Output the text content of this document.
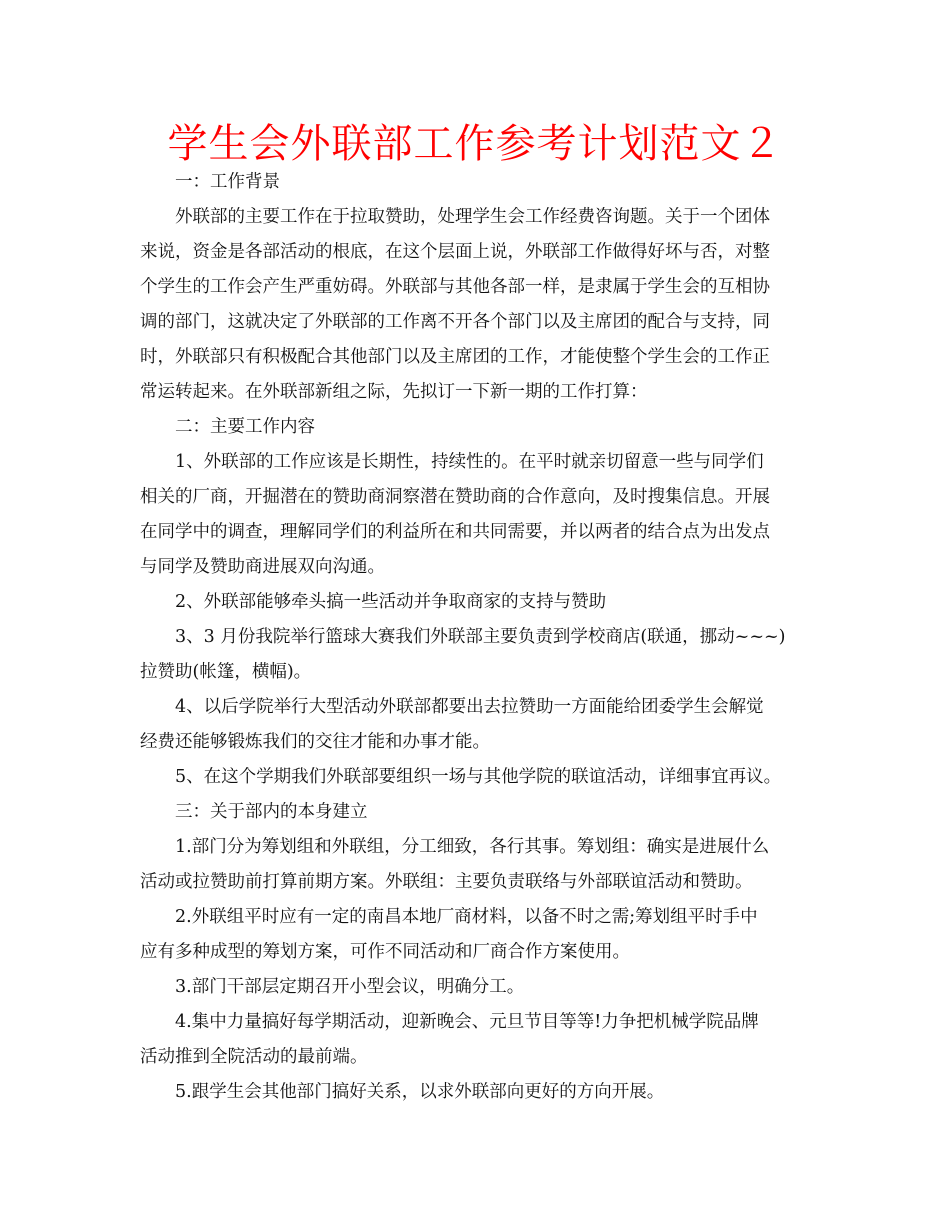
学生会外联部工作参考计划范文２
一：工作背景
外联部的主要工作在于拉取赞助，处理学生会工作经费咨询题。关于一个团体
来说，资金是各部活动的根底，在这个层面上说，外联部工作做得好坏与否，对整
个学生的工作会产生严重妨碍。外联部与其他各部一样，是隶属于学生会的互相协
调的部门，这就决定了外联部的工作离不开各个部门以及主席团的配合与支持，同
时，外联部只有积极配合其他部门以及主席团的工作，才能使整个学生会的工作正
常运转起来。在外联部新组之际，先拟订一下新一期的工作打算：
二：主要工作内容
1、外联部的工作应该是长期性，持续性的。在平时就亲切留意一些与同学们
相关的厂商，开掘潜在的赞助商洞察潜在赞助商的合作意向，及时搜集信息。开展
在同学中的调查，理解同学们的利益所在和共同需要，并以两者的结合点为出发点
与同学及赞助商进展双向沟通。
2、外联部能够牵头搞一些活动并争取商家的支持与赞助
3、3 月份我院举行篮球大赛我们外联部主要负责到学校商店(联通，挪动~~~)
拉赞助(帐篷，横幅)。
4、以后学院举行大型活动外联部都要出去拉赞助一方面能给团委学生会解觉
经费还能够锻炼我们的交往才能和办事才能。
5、在这个学期我们外联部要组织一场与其他学院的联谊活动，详细事宜再议。
三：关于部内的本身建立
1.部门分为筹划组和外联组，分工细致，各行其事。筹划组：确实是进展什么
活动或拉赞助前打算前期方案。外联组：主要负责联络与外部联谊活动和赞助。
2.外联组平时应有一定的南昌本地厂商材料，以备不时之需;筹划组平时手中
应有多种成型的筹划方案，可作不同活动和厂商合作方案使用。
3.部门干部层定期召开小型会议，明确分工。
4.集中力量搞好每学期活动，迎新晚会、元旦节目等等!力争把机械学院品牌
活动推到全院活动的最前端。
5.跟学生会其他部门搞好关系，以求外联部向更好的方向开展。
